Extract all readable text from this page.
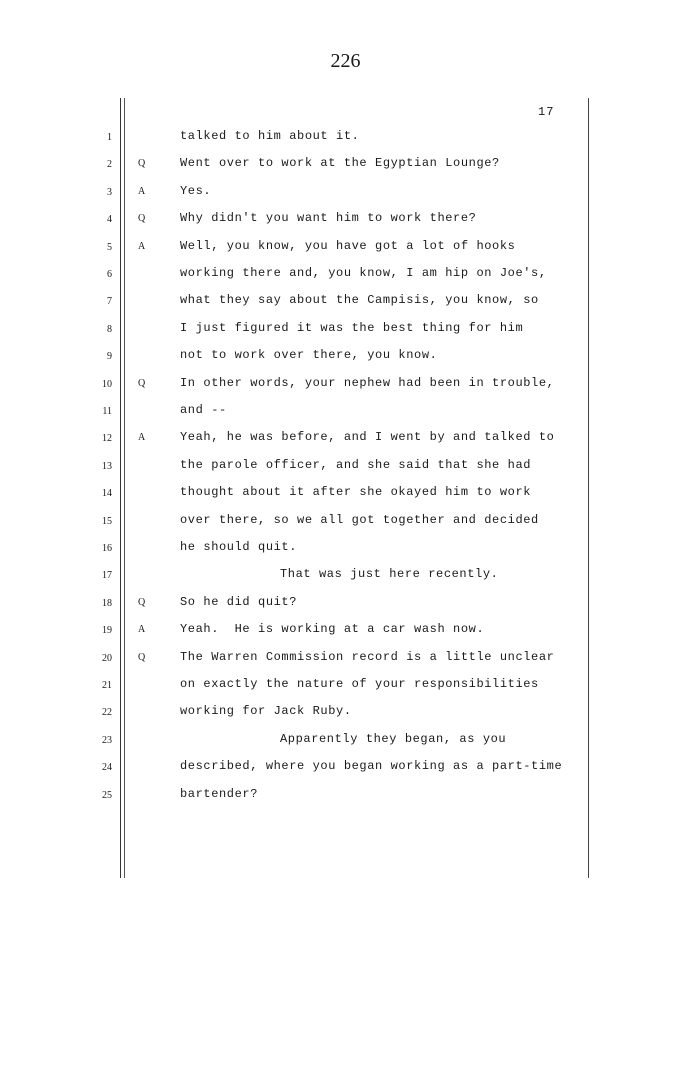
226
17
1	talked to him about it.
2	Q	Went over to work at the Egyptian Lounge?
3	A	Yes.
4	Q	Why didn't you want him to work there?
5	A	Well, you know, you have got a lot of hooks
6	working there and, you know, I am hip on Joe's,
7	what they say about the Campisis, you know, so
8	I just figured it was the best thing for him
9	not to work over there, you know.
10	Q	In other words, your nephew had been in trouble,
11	and --
12	A	Yeah, he was before, and I went by and talked to
13	the parole officer, and she said that she had
14	thought about it after she okayed him to work
15	over there, so we all got together and decided
16	he should quit.
17	That was just here recently.
18	Q	So he did quit?
19	A	Yeah.  He is working at a car wash now.
20	Q	The Warren Commission record is a little unclear
21	on exactly the nature of your responsibilities
22	working for Jack Ruby.
23	Apparently they began, as you
24	described, where you began working as a part-time
25	bartender?
